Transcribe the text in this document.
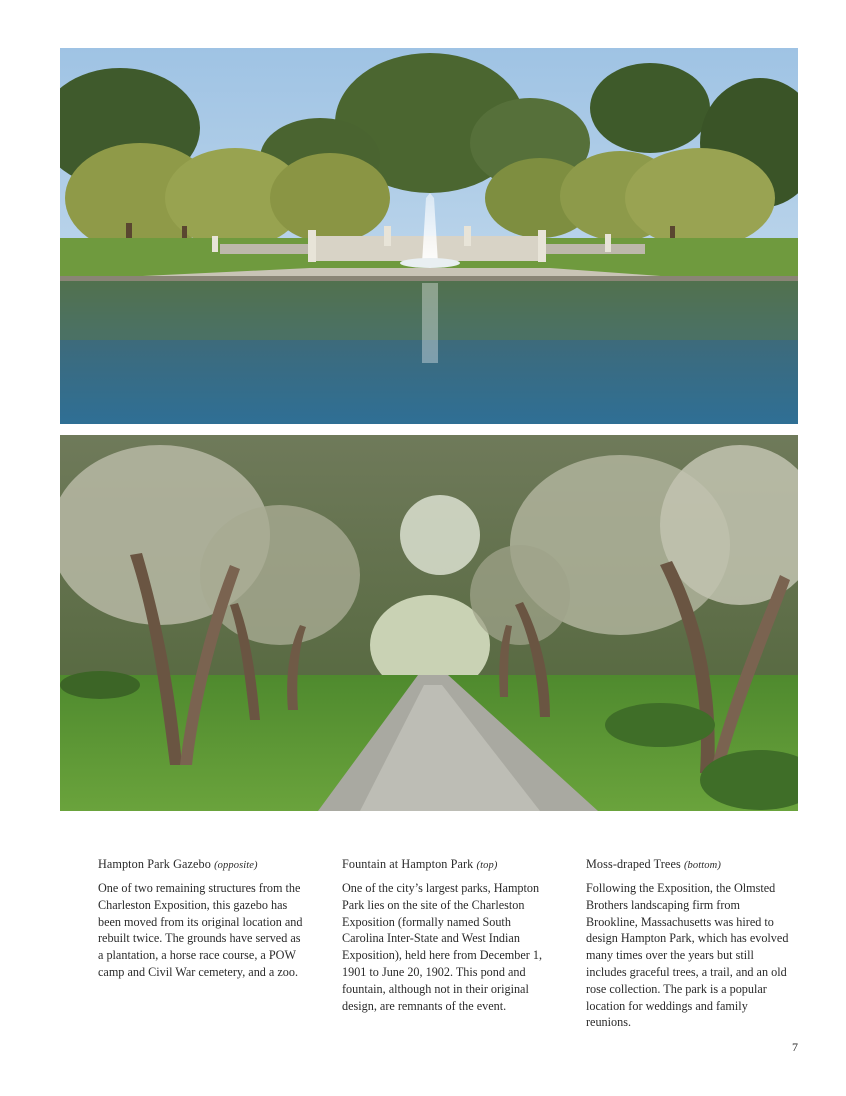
Hampton Park Gazebo (opposite)

One of two remaining structures from the Charleston Exposition, this gazebo has been moved from its original location and rebuilt twice. The grounds have served as a plantation, a horse race course, a POW camp and Civil War cemetery, and a zoo.

Fountain at Hampton Park (top)

One of the city’s largest parks, Hampton Park lies on the site of the Charleston Exposition (formally named South Carolina Inter-State and West Indian Exposition), held here from December 1, 1901 to June 20, 1902. This pond and fountain, although not in their original design, are remnants of the event.

Moss-draped Trees (bottom)

Following the Exposition, the Olmsted Brothers landscaping firm from Brookline, Massachusetts was hired to design Hampton Park, which has evolved many times over the years but still includes graceful trees, a trail, and an old rose collection. The park is a popular location for weddings and family reunions.

7
